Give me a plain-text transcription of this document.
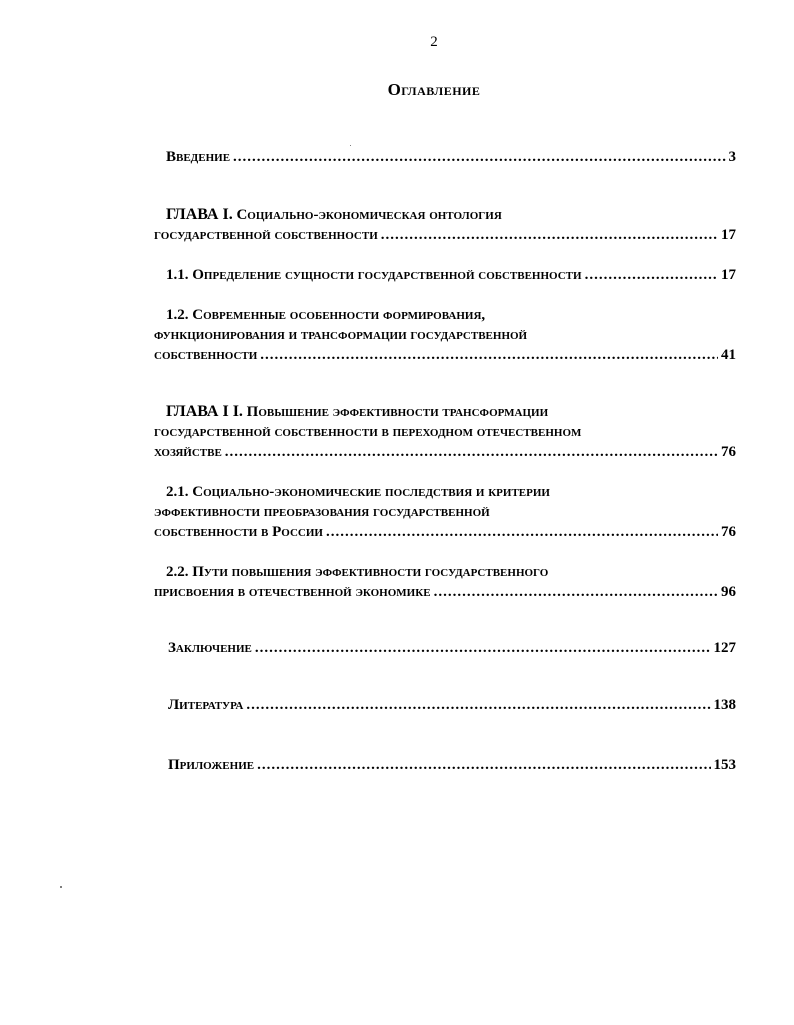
2
Оглавление
Введение .....	3
ГЛАВА I. Социально-экономическая онтология
государственной собственности .....	17
1.1. Определение сущности государственной собственности .....	17
1.2. Современные особенности формирования,
функционирования и трансформации государственной
собственности .....	41
ГЛАВА I I. Повышение эффективности трансформации
государственной собственности в переходном отечественном
хозяйстве .....	76
2.1. Социально-экономические последствия и критерии
эффективности преобразования государственной
собственности в России .....	76
2.2. Пути повышения эффективности государственного
присвоения в отечественной экономике .....	96
Заключение .....	127
Литература .....	138
Приложение .....	153
